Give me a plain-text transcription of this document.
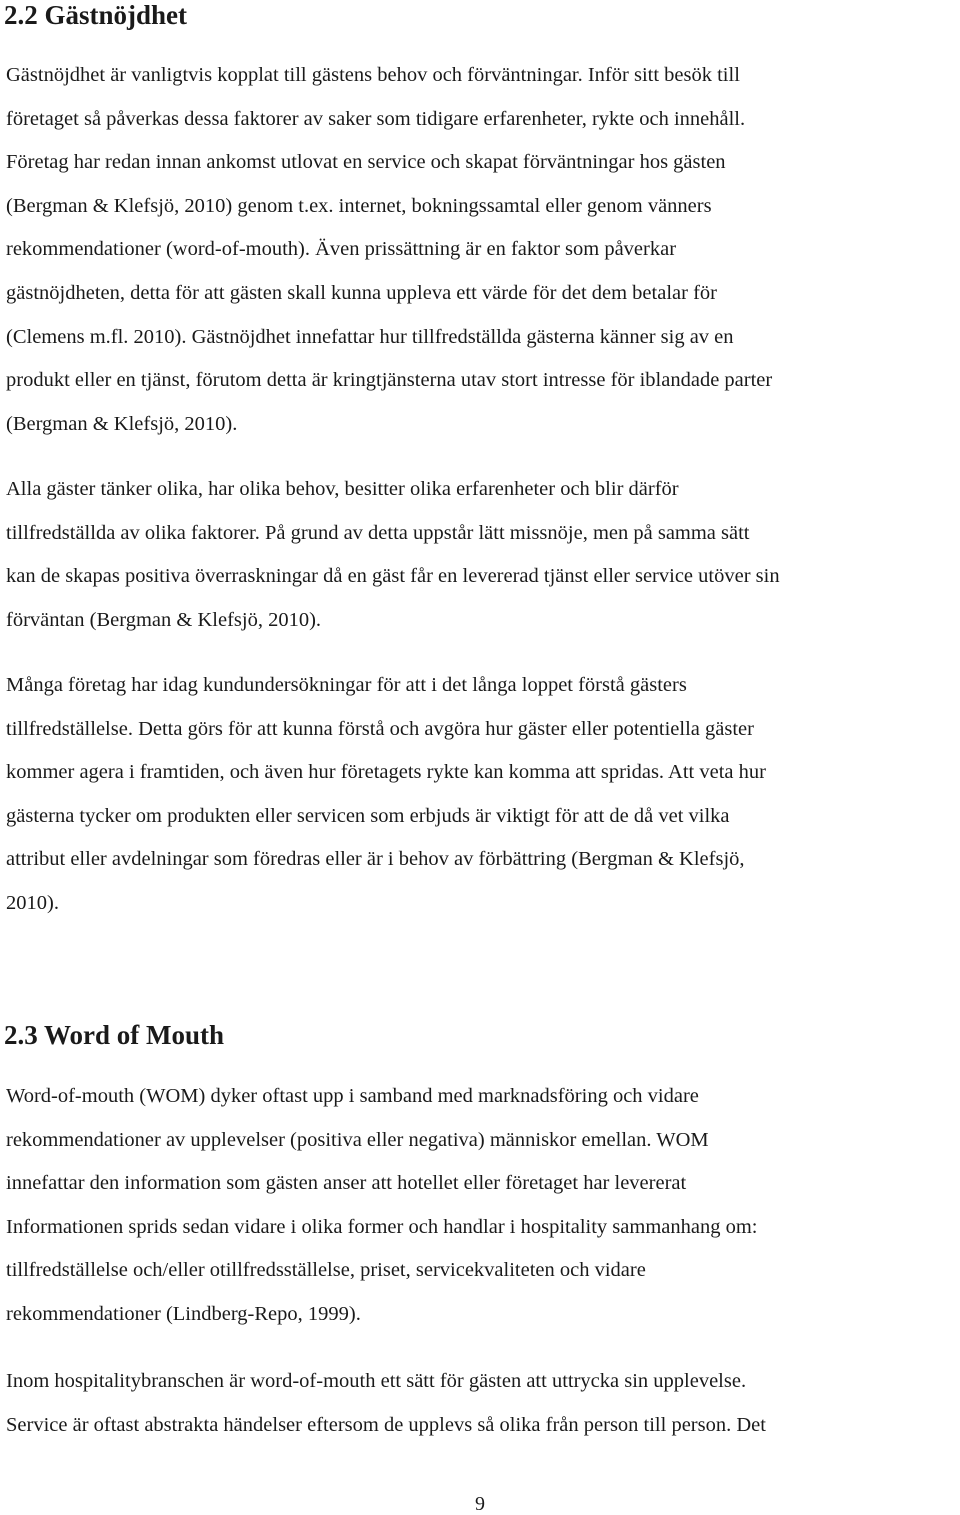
2.2 Gästnöjdhet

Gästnöjdhet är vanligtvis kopplat till gästens behov och förväntningar. Inför sitt besök till
företaget så påverkas dessa faktorer av saker som tidigare erfarenheter, rykte och innehåll.
Företag har redan innan ankomst utlovat en service och skapat förväntningar hos gästen
(Bergman & Klefsjö, 2010) genom t.ex. internet, bokningssamtal eller genom vänners
rekommendationer (word-of-mouth). Även prissättning är en faktor som påverkar
gästnöjdheten, detta för att gästen skall kunna uppleva ett värde för det dem betalar för
(Clemens m.fl. 2010). Gästnöjdhet innefattar hur tillfredställda gästerna känner sig av en
produkt eller en tjänst, förutom detta är kringtjänsterna utav stort intresse för iblandade parter
(Bergman & Klefsjö, 2010).

Alla gäster tänker olika, har olika behov, besitter olika erfarenheter och blir därför
tillfredställda av olika faktorer. På grund av detta uppstår lätt missnöje, men på samma sätt
kan de skapas positiva överraskningar då en gäst får en levererad tjänst eller service utöver sin
förväntan (Bergman & Klefsjö, 2010).

Många företag har idag kundundersökningar för att i det långa loppet förstå gästers
tillfredställelse. Detta görs för att kunna förstå och avgöra hur gäster eller potentiella gäster
kommer agera i framtiden, och även hur företagets rykte kan komma att spridas. Att veta hur
gästerna tycker om produkten eller servicen som erbjuds är viktigt för att de då vet vilka
attribut eller avdelningar som föredras eller är i behov av förbättring (Bergman & Klefsjö,
2010).

2.3 Word of Mouth

Word-of-mouth (WOM) dyker oftast upp i samband med marknadsföring och vidare
rekommendationer av upplevelser (positiva eller negativa) människor emellan. WOM
innefattar den information som gästen anser att hotellet eller företaget har levererat
Informationen sprids sedan vidare i olika former och handlar i hospitality sammanhang om:
tillfredställelse och/eller otillfredsställelse, priset, servicekvaliteten och vidare
rekommendationer (Lindberg-Repo, 1999).

Inom hospitalitybranschen är word-of-mouth ett sätt för gästen att uttrycka sin upplevelse.
Service är oftast abstrakta händelser eftersom de upplevs så olika från person till person. Det

9
